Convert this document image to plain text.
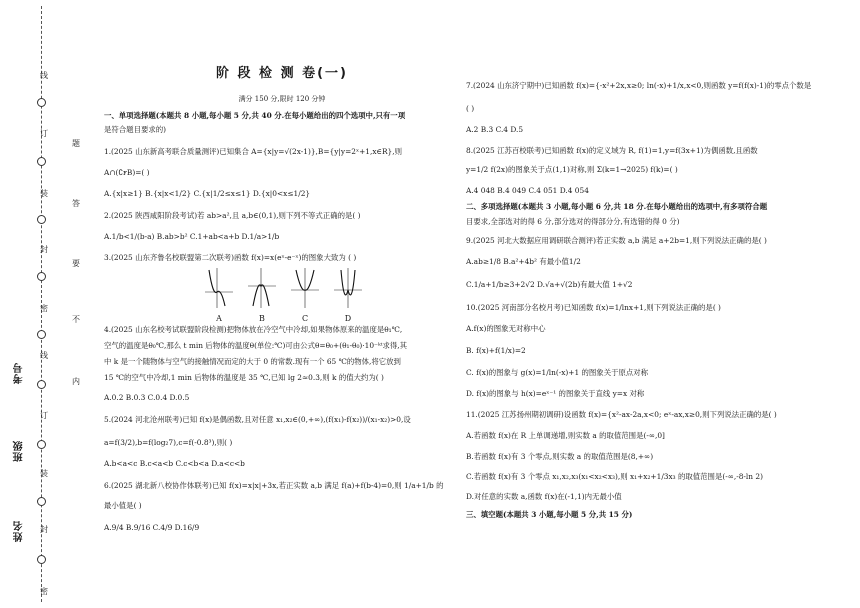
线
订
装
封
密
线
订
装
封
密
题
答
要
不
内
考号
班级
姓名
阶 段 检 测 卷(一)
满分 150 分,限时 120 分钟
一、单项选择题(本题共 8 小题,每小题 5 分,共 40 分.在每小题给出的四个选项中,只有一项
是符合题目要求的)
1.(2025 山东新高考联合质量测评)已知集合 A={x|y=√(2x-1)},B={y|y=2ˣ+1,x∈R},则
A∩(∁ꜰB)=( )
A.{x|x≥1} B.{x|x<1/2} C.{x|1/2≤x≤1} D.{x|0<x≤1/2}
2.(2025 陕西咸阳阶段考试)若 ab>a²,且 a,b∈(0,1),则下列不等式正确的是( )
A.1/b<1/(b-a) B.ab>b² C.1+ab<a+b D.1/a>1/b
3.(2025 山东齐鲁名校联盟第二次联考)函数 f(x)=x(eˣ-e⁻ˣ)的图象大致为 ( )
A	B	C	D
4.(2025 山东名校考试联盟阶段检测)把物体放在冷空气中冷却,如果物体原来的温度是θ₁℃,
空气的温度是θ₀℃,那么 t min 后物体的温度θ(单位:℃)可由公式θ=θ₀+(θ₁-θ₀)·10⁻ᵏᵗ求得,其
中 k 是一个随物体与空气的接触情况而定的大于 0 的常数.现有一个 65 ℃的物体,将它放到
15 ℃的空气中冷却,1 min 后物体的温度是 35 ℃,已知 lg 2≈0.3,则 k 的值大约为( )
A.0.2 B.0.3 C.0.4 D.0.5
5.(2024 河北沧州联考)已知 f(x)是偶函数,且对任意 x₁,x₂∈(0,+∞),(f(x₁)-f(x₂))/(x₁-x₂)>0,设
a=f(3/2),b=f(log₂7),c=f(-0.8³),则( )
A.b<a<c B.c<a<b C.c<b<a D.a<c<b
6.(2025 湖北新八校协作体联考)已知 f(x)=x|x|+3x,若正实数 a,b 满足 f(a)+f(b-4)=0,则 1/a+1/b 的
最小值是( )
A.9/4 B.9/16 C.4/9 D.16/9
7.(2024 山东济宁期中)已知函数 f(x)={-x²+2x,x≥0; ln(-x)+1/x,x<0,则函数 y=f(f(x)-1)的零点个数是
( )
A.2 B.3 C.4 D.5
8.(2025 江苏百校联考)已知函数 f(x)的定义域为 R, f(1)=1,y=f(3x+1)为偶函数,且函数
y=1/2 f(2x)的图象关于点(1,1)对称,则 Σ(k=1→2025) f(k)=( )
A.4 048 B.4 049 C.4 051 D.4 054
二、多项选择题(本题共 3 小题,每小题 6 分,共 18 分.在每小题给出的选项中,有多项符合题
目要求,全部选对的得 6 分,部分选对的得部分分,有选错的得 0 分)
9.(2025 河北大数据应用调研联合测评)若正实数 a,b 满足 a+2b=1,则下列说法正确的是( )
A.ab≥1/8 B.a²+4b² 有最小值1/2
C.1/a+1/b≥3+2√2 D.√a+√(2b)有最大值 1+√2
10.(2025 河南部分名校月考)已知函数 f(x)=1/lnx+1,则下列说法正确的是( )
A.f(x)的图象无对称中心
B. f(x)+f(1/x)=2
C. f(x)的图象与 g(x)=1/ln(-x)+1 的图象关于原点对称
D. f(x)的图象与 h(x)=eˣ⁻¹ 的图象关于直线 y=x 对称
11.(2025 江苏扬州期初调研)设函数 f(x)={x²-ax-2a,x<0; eˣ-ax,x≥0,则下列说法正确的是( )
A.若函数 f(x)在 R 上单调递增,则实数 a 的取值范围是(-∞,0]
B.若函数 f(x)有 3 个零点,则实数 a 的取值范围是(8,+∞)
C.若函数 f(x)有 3 个零点 x₁,x₂,x₃(x₁<x₂<x₃),则 x₁+x₂+1/3x₃ 的取值范围是(-∞,-8-ln 2)
D.对任意的实数 a,函数 f(x)在(-1,1)内无最小值
三、填空题(本题共 3 小题,每小题 5 分,共 15 分)
